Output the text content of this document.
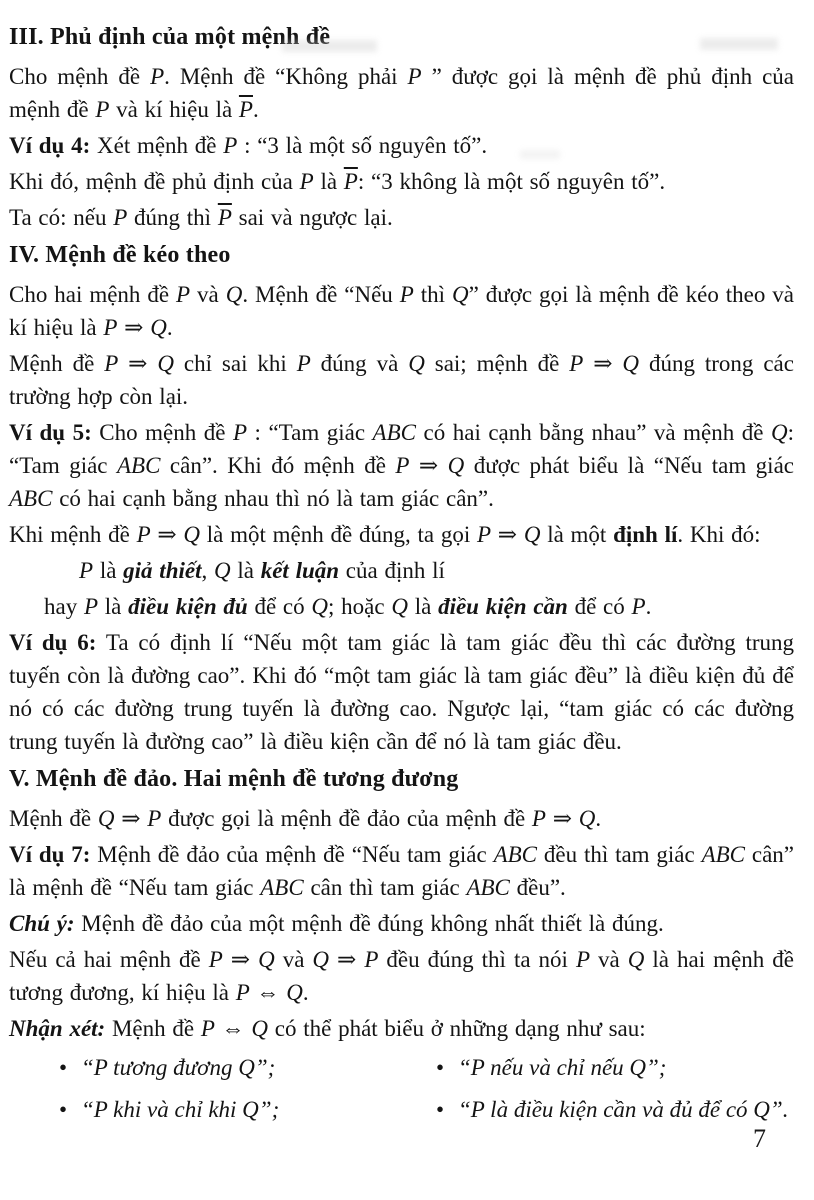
III. Phủ định của một mệnh đề

Cho mệnh đề P. Mệnh đề “Không phải P ” được gọi là mệnh đề phủ định của mệnh đề P và kí hiệu là $\overline{P}$.

Ví dụ 4: Xét mệnh đề P : “3 là một số nguyên tố”.

Khi đó, mệnh đề phủ định của P là $\overline{P}$: “3 không là một số nguyên tố”.

Ta có: nếu P đúng thì $\overline{P}$ sai và ngược lại.

IV. Mệnh đề kéo theo

Cho hai mệnh đề P và Q. Mệnh đề “Nếu P thì Q” được gọi là mệnh đề kéo theo và kí hiệu là P ⇒ Q.

Mệnh đề P ⇒ Q chỉ sai khi P đúng và Q sai; mệnh đề P ⇒ Q đúng trong các trường hợp còn lại.

Ví dụ 5: Cho mệnh đề P : “Tam giác ABC có hai cạnh bằng nhau” và mệnh đề Q: “Tam giác ABC cân”. Khi đó mệnh đề P ⇒ Q được phát biểu là “Nếu tam giác ABC có hai cạnh bằng nhau thì nó là tam giác cân”.

Khi mệnh đề P ⇒ Q là một mệnh đề đúng, ta gọi P ⇒ Q là một định lí. Khi đó:

P là giả thiết, Q là kết luận của định lí

hay P là điều kiện đủ để có Q; hoặc Q là điều kiện cần để có P.

Ví dụ 6: Ta có định lí “Nếu một tam giác là tam giác đều thì các đường trung tuyến còn là đường cao”. Khi đó “một tam giác là tam giác đều” là điều kiện đủ để nó có các đường trung tuyến là đường cao. Ngược lại, “tam giác có các đường trung tuyến là đường cao” là điều kiện cần để nó là tam giác đều.

V. Mệnh đề đảo. Hai mệnh đề tương đương

Mệnh đề Q ⇒ P được gọi là mệnh đề đảo của mệnh đề P ⇒ Q.

Ví dụ 7: Mệnh đề đảo của mệnh đề “Nếu tam giác ABC đều thì tam giác ABC cân” là mệnh đề “Nếu tam giác ABC cân thì tam giác ABC đều”.

Chú ý: Mệnh đề đảo của một mệnh đề đúng không nhất thiết là đúng.

Nếu cả hai mệnh đề P ⇒ Q và Q ⇒ P đều đúng thì ta nói P và Q là hai mệnh đề tương đương, kí hiệu là P ⇔ Q.

Nhận xét: Mệnh đề P ⇔ Q có thể phát biểu ở những dạng như sau:

• “P tương đương Q”;	• “P nếu và chỉ nếu Q”;
• “P khi và chỉ khi Q”;	• “P là điều kiện cần và đủ để có Q”.
7
